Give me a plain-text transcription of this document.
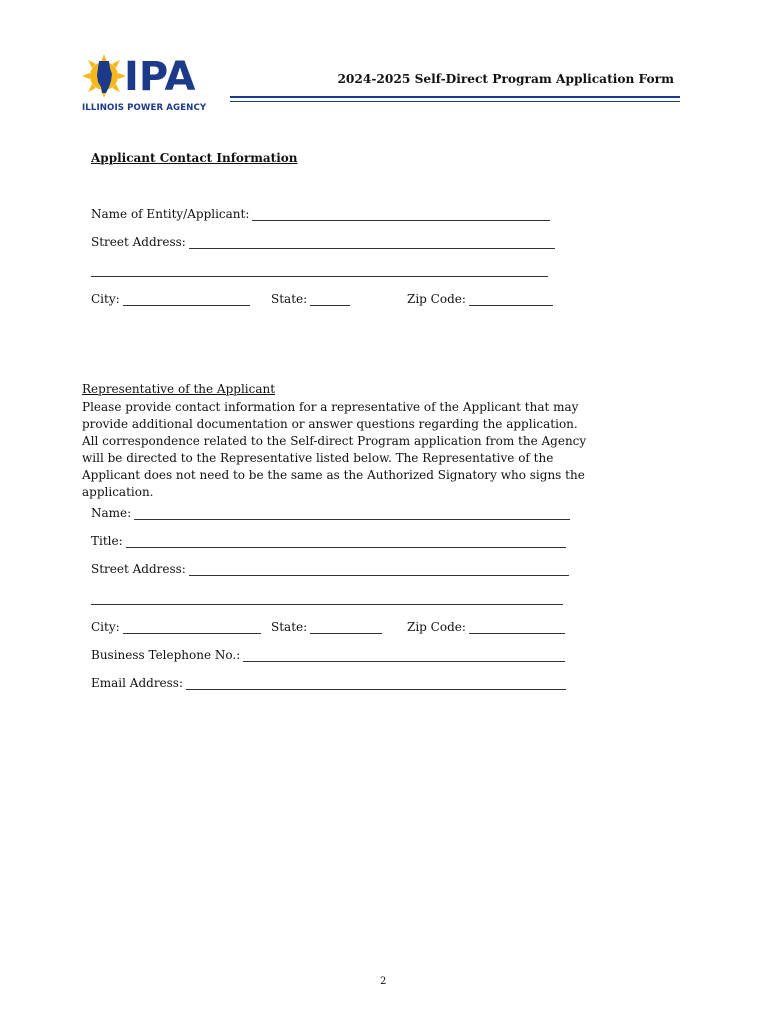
IPA
ILLINOIS POWER AGENCY
2024-2025 Self-Direct Program Application Form
Applicant Contact Information
Name of Entity/Applicant:
Street Address:
City:	State:	Zip Code:
Representative of the Applicant
Please provide contact information for a representative of the Applicant that may provide additional documentation or answer questions regarding the application. All correspondence related to the Self-direct Program application from the Agency will be directed to the Representative listed below. The Representative of the Applicant does not need to be the same as the Authorized Signatory who signs the application.
Name:
Title:
Street Address:
City:	State:	Zip Code:
Business Telephone No.:
Email Address:
2
